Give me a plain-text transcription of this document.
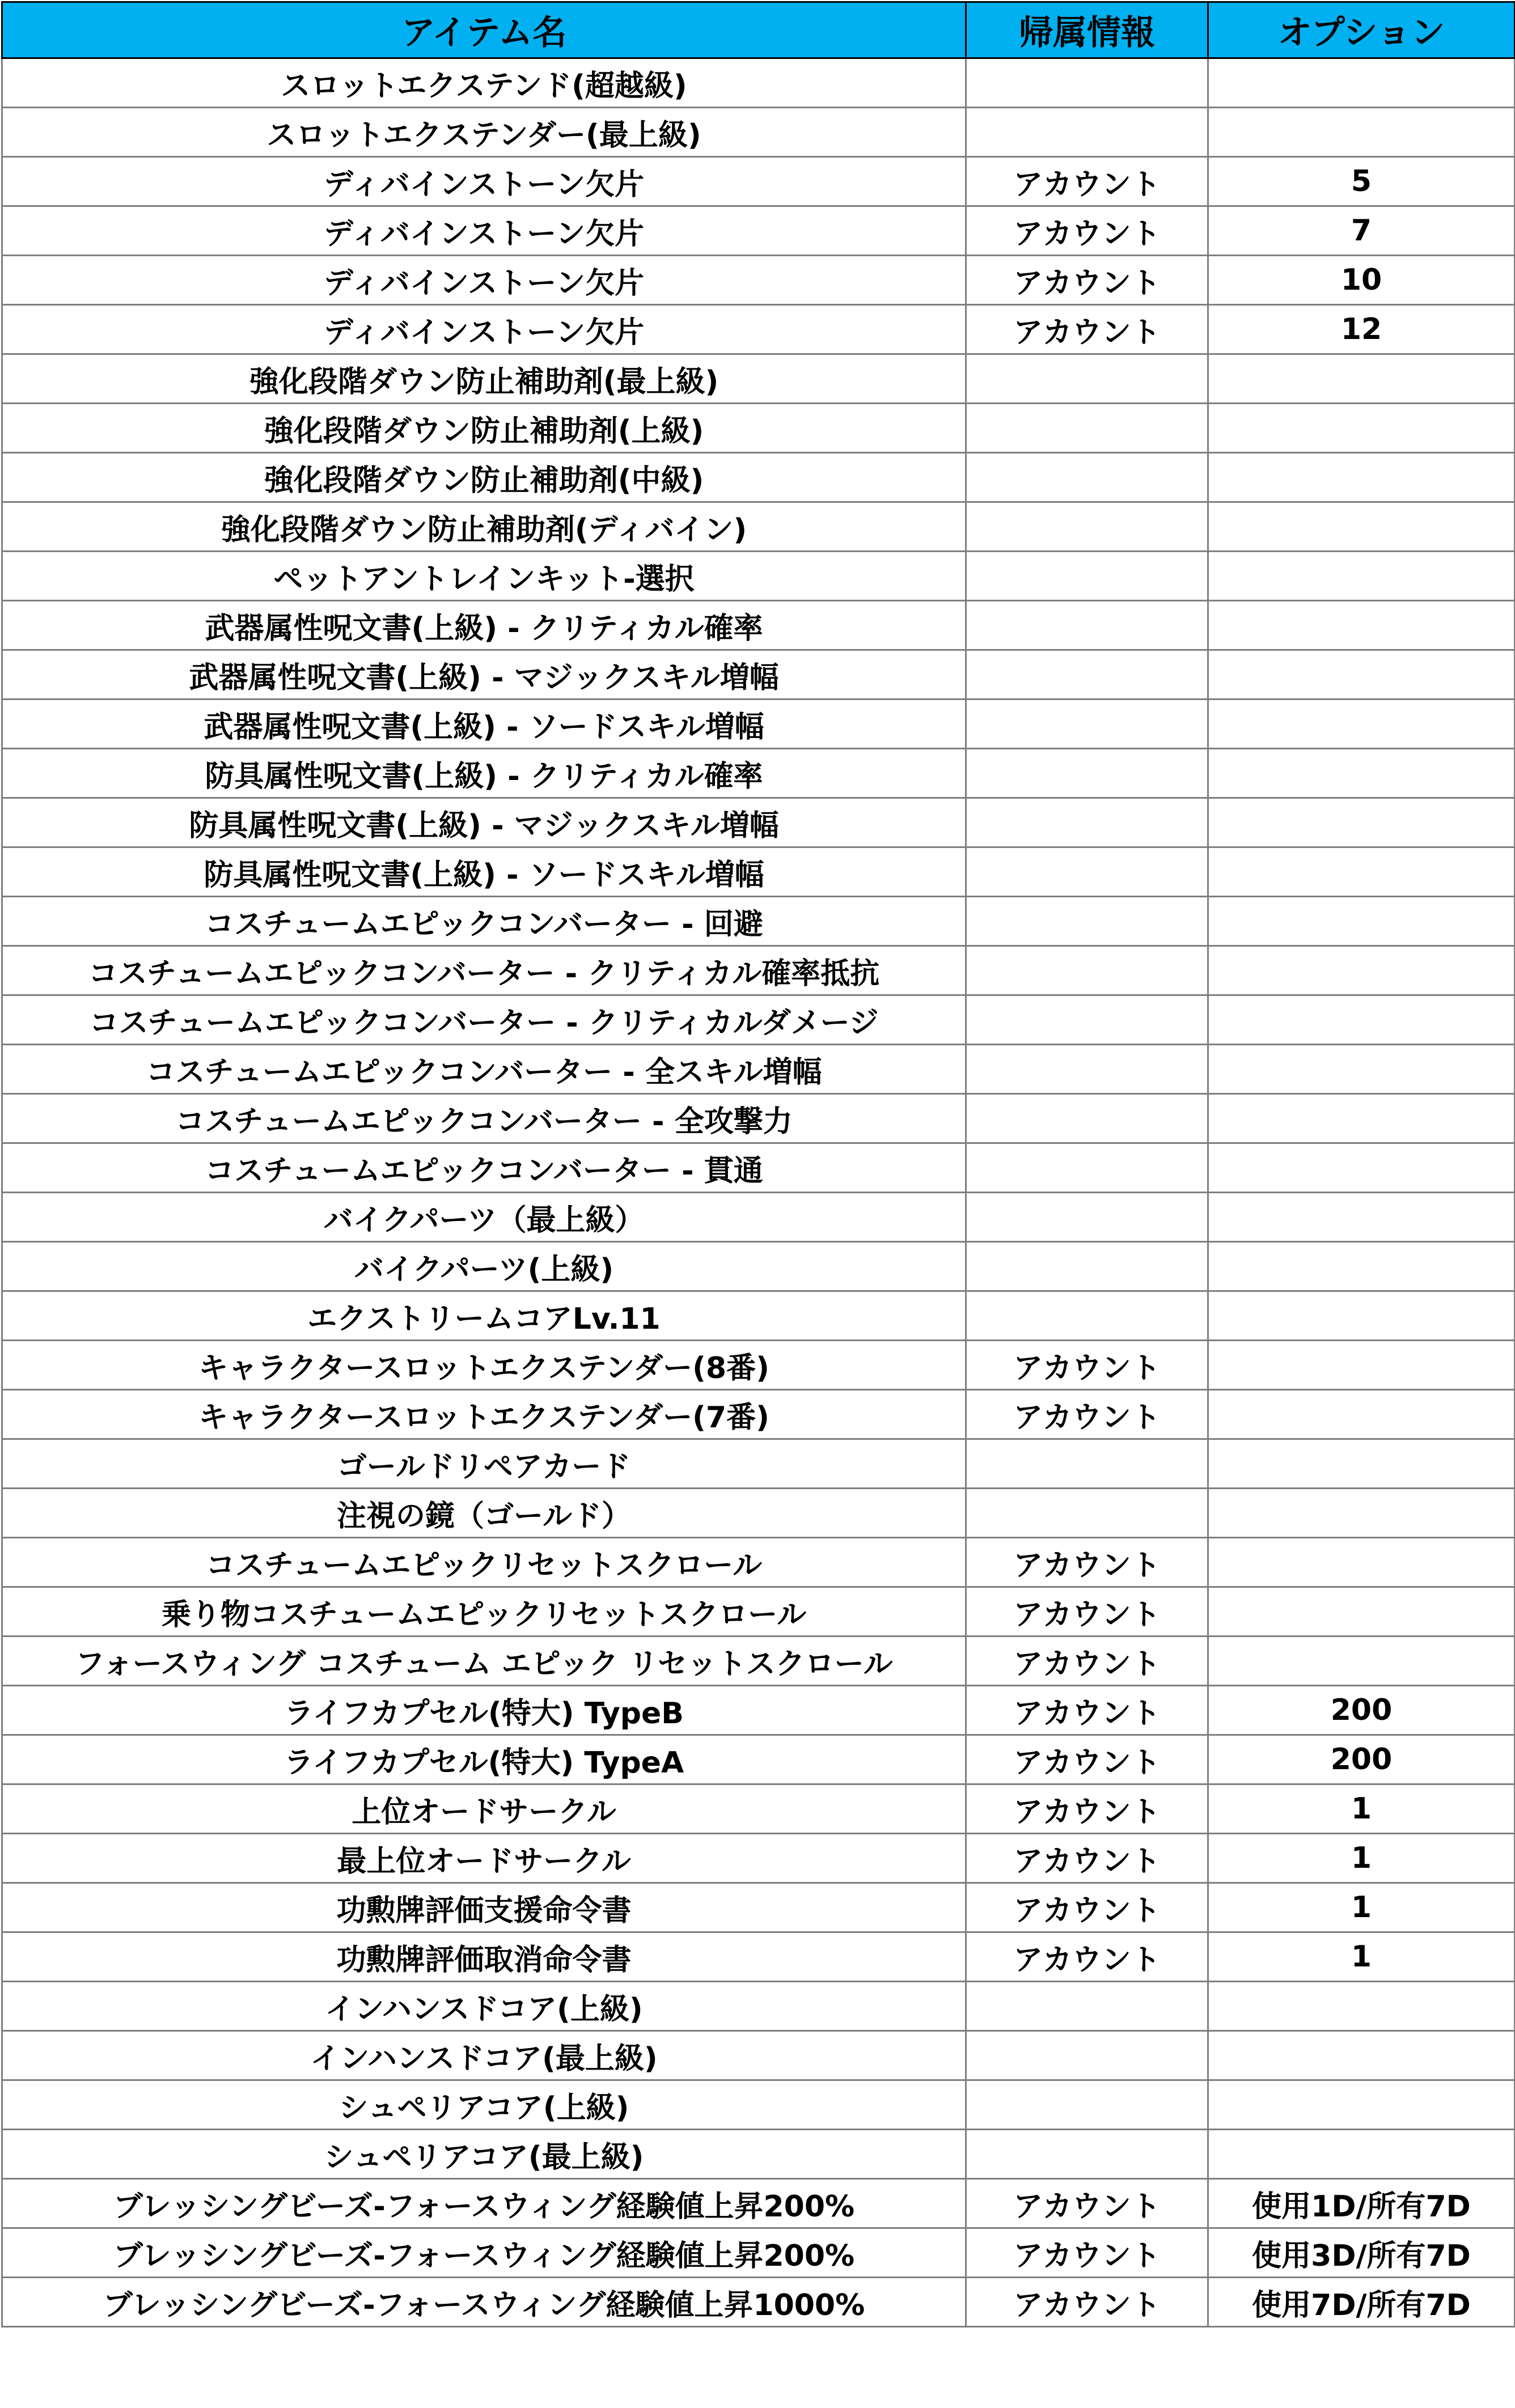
アイテム名	帰属情報	オプション
スロットエクステンド(超越級)		
スロットエクステンダー(最上級)		
ディバインストーン欠片	アカウント	5
ディバインストーン欠片	アカウント	7
ディバインストーン欠片	アカウント	10
ディバインストーン欠片	アカウント	12
強化段階ダウン防止補助剤(最上級)		
強化段階ダウン防止補助剤(上級)		
強化段階ダウン防止補助剤(中級)		
強化段階ダウン防止補助剤(ディバイン)		
ペットアントレインキット-選択		
武器属性呪文書(上級) - クリティカル確率		
武器属性呪文書(上級) - マジックスキル増幅		
武器属性呪文書(上級) - ソードスキル増幅		
防具属性呪文書(上級) - クリティカル確率		
防具属性呪文書(上級) - マジックスキル増幅		
防具属性呪文書(上級) - ソードスキル増幅		
コスチュームエピックコンバーター - 回避		
コスチュームエピックコンバーター - クリティカル確率抵抗		
コスチュームエピックコンバーター - クリティカルダメージ		
コスチュームエピックコンバーター - 全スキル増幅		
コスチュームエピックコンバーター - 全攻撃力		
コスチュームエピックコンバーター - 貫通		
バイクパーツ（最上級）		
バイクパーツ(上級)		
エクストリームコアLv.11		
キャラクタースロットエクステンダー(8番)	アカウント	
キャラクタースロットエクステンダー(7番)	アカウント	
ゴールドリペアカード		
注視の鏡（ゴールド）		
コスチュームエピックリセットスクロール	アカウント	
乗り物コスチュームエピックリセットスクロール	アカウント	
フォースウィング コスチューム エピック リセットスクロール	アカウント	
ライフカプセル(特大) TypeB	アカウント	200
ライフカプセル(特大) TypeA	アカウント	200
上位オードサークル	アカウント	1
最上位オードサークル	アカウント	1
功勲牌評価支援命令書	アカウント	1
功勲牌評価取消命令書	アカウント	1
インハンスドコア(上級)		
インハンスドコア(最上級)		
シュペリアコア(上級)		
シュペリアコア(最上級)		
ブレッシングビーズ-フォースウィング経験値上昇200%	アカウント	使用1D/所有7D
ブレッシングビーズ-フォースウィング経験値上昇200%	アカウント	使用3D/所有7D
ブレッシングビーズ-フォースウィング経験値上昇1000%	アカウント	使用7D/所有7D
